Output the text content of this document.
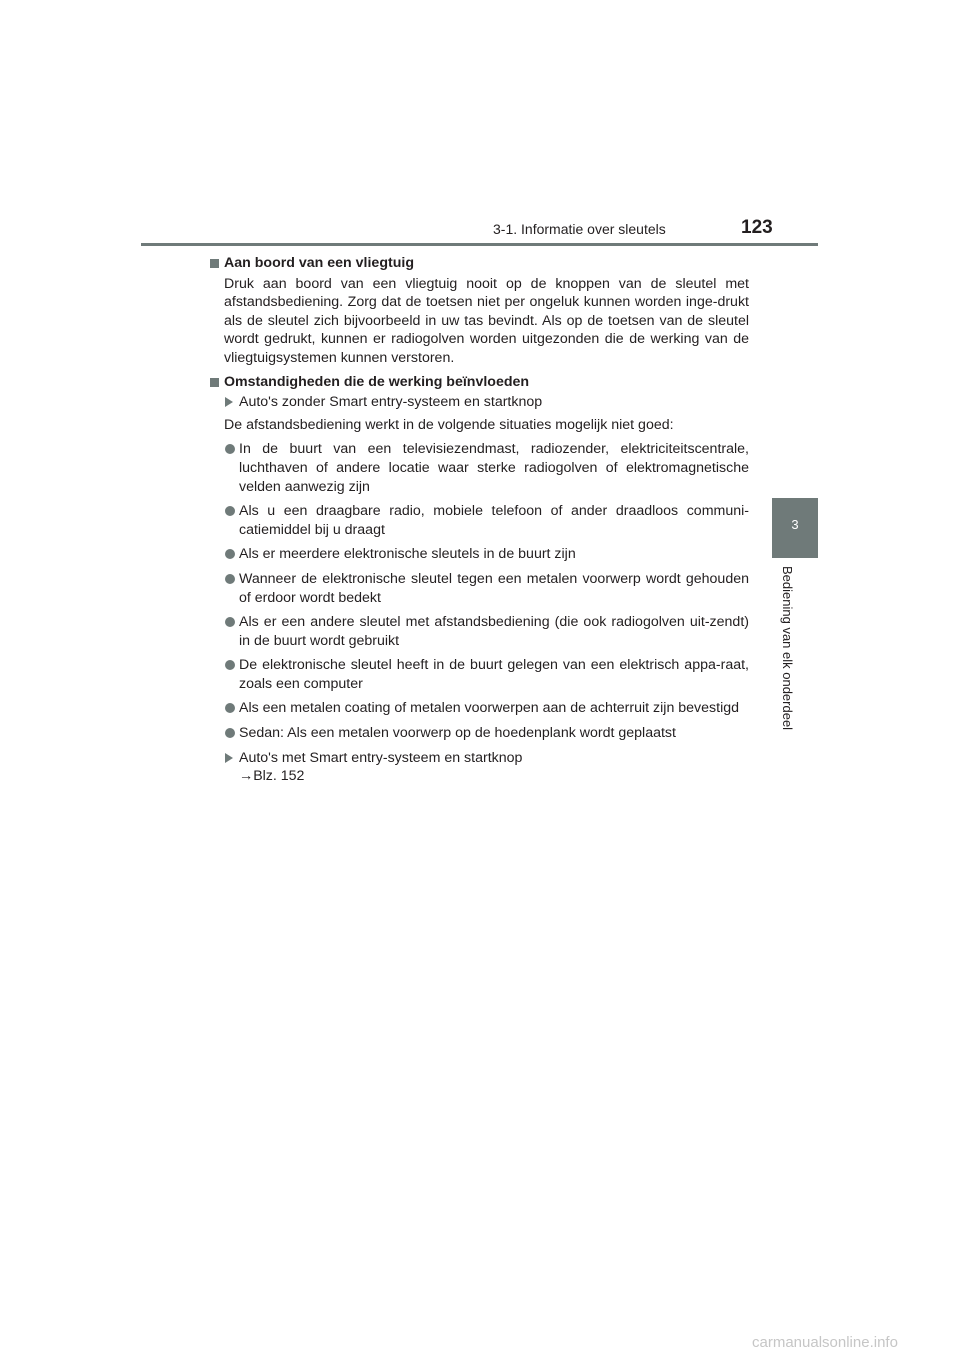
3-1. Informatie over sleutels	123
3
Bediening van elk onderdeel
Aan boord van een vliegtuig
Druk aan boord van een vliegtuig nooit op de knoppen van de sleutel met afstandsbediening. Zorg dat de toetsen niet per ongeluk kunnen worden inge-drukt als de sleutel zich bijvoorbeeld in uw tas bevindt. Als op de toetsen van de sleutel wordt gedrukt, kunnen er radiogolven worden uitgezonden die de werking van de vliegtuigsystemen kunnen verstoren.
Omstandigheden die de werking beïnvloeden
Auto's zonder Smart entry-systeem en startknop
De afstandsbediening werkt in de volgende situaties mogelijk niet goed:
In de buurt van een televisiezendmast, radiozender, elektriciteitscentrale, luchthaven of andere locatie waar sterke radiogolven of elektromagnetische velden aanwezig zijn
Als u een draagbare radio, mobiele telefoon of ander draadloos communi-catiemiddel bij u draagt
Als er meerdere elektronische sleutels in de buurt zijn
Wanneer de elektronische sleutel tegen een metalen voorwerp wordt gehouden of erdoor wordt bedekt
Als er een andere sleutel met afstandsbediening (die ook radiogolven uit-zendt) in de buurt wordt gebruikt
De elektronische sleutel heeft in de buurt gelegen van een elektrisch appa-raat, zoals een computer
Als een metalen coating of metalen voorwerpen aan de achterruit zijn bevestigd
Sedan: Als een metalen voorwerp op de hoedenplank wordt geplaatst
Auto's met Smart entry-systeem en startknop
→Blz. 152
carmanualsonline.info
